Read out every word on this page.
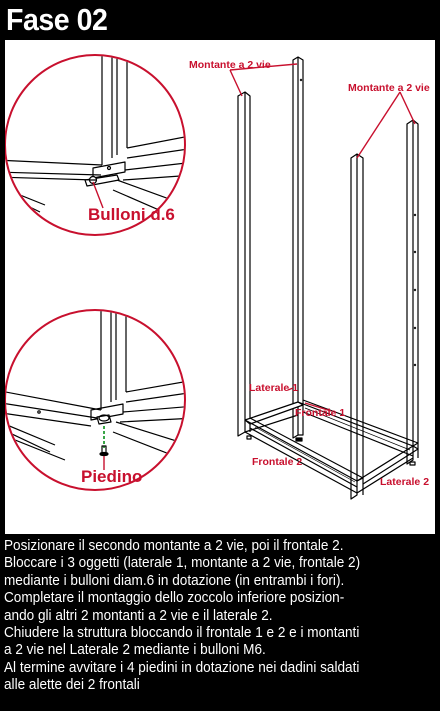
Fase 02
Montante a 2 vie
Montante a 2 vie
Bulloni d.6
Piedino
Laterale 1
Frontale 1
Frontale 2
Laterale 2
Posizionare il secondo montante a 2 vie, poi il frontale 2.
Bloccare i 3 oggetti (laterale 1, montante a 2 vie, frontale 2)
mediante i bulloni diam.6 in dotazione (in entrambi i fori).
Completare il montaggio dello zoccolo inferiore posizion-
ando gli altri 2 montanti a 2 vie e il laterale 2.
Chiudere la struttura bloccando il frontale 1 e 2 e i montanti
a 2 vie nel Laterale 2 mediante i bulloni M6.
Al termine avvitare i 4 piedini in dotazione nei dadini saldati
alle alette dei 2 frontali
